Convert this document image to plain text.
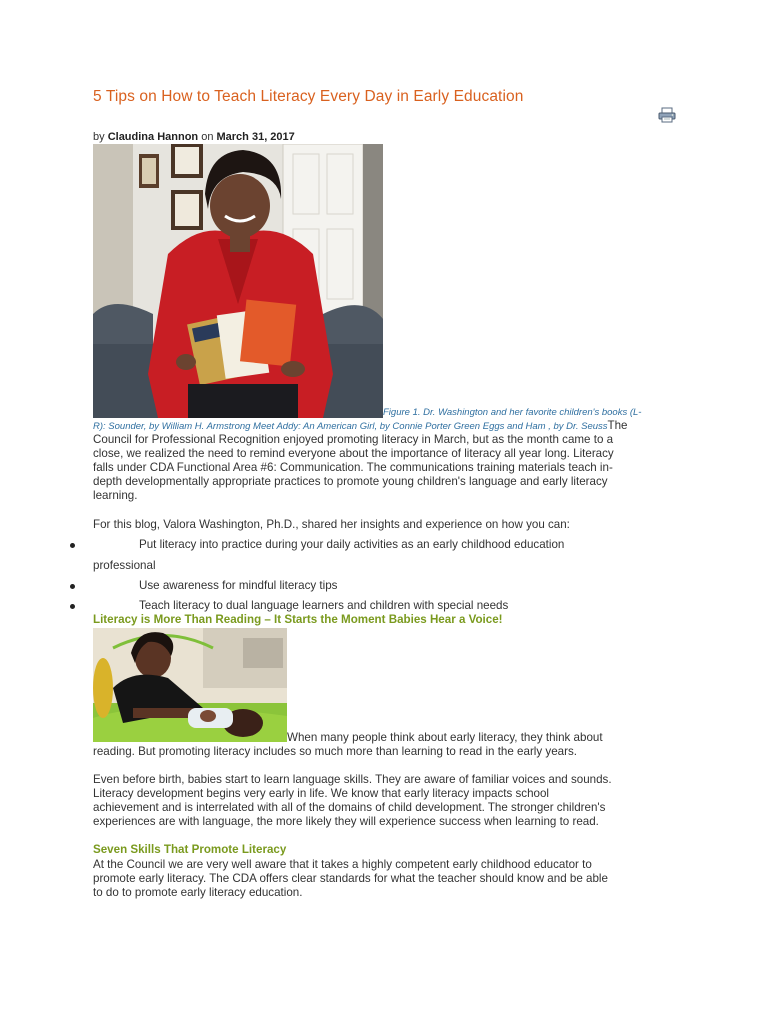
5 Tips on How to Teach Literacy Every Day in Early Education
by Claudina Hannon on March 31, 2017
Figure 1. Dr. Washington and her favorite children's books (L-
R): Sounder, by William H. Armstrong Meet Addy: An American Girl, by Connie Porter Green Eggs and Ham , by Dr. SeussThe
Council for Professional Recognition enjoyed promoting literacy in March, but as the month came to a
close, we realized the need to remind everyone about the importance of literacy all year long. Literacy
falls under CDA Functional Area #6: Communication. The communications training materials teach in-
depth developmentally appropriate practices to promote young children's language and early literacy
learning.
For this blog, Valora Washington, Ph.D., shared her insights and experience on how you can:
Put literacy into practice during your daily activities as an early childhood education
professional
Use awareness for mindful literacy tips
Teach literacy to dual language learners and children with special needs
Literacy is More Than Reading – It Starts the Moment Babies Hear a Voice!
When many people think about early literacy, they think about
reading. But promoting literacy includes so much more than learning to read in the early years.
Even before birth, babies start to learn language skills. They are aware of familiar voices and sounds.
Literacy development begins very early in life. We know that early literacy impacts school
achievement and is interrelated with all of the domains of child development. The stronger children's
experiences are with language, the more likely they will experience success when learning to read.
Seven Skills That Promote Literacy
At the Council we are very well aware that it takes a highly competent early childhood educator to
promote early literacy. The CDA offers clear standards for what the teacher should know and be able
to do to promote early literacy education.
